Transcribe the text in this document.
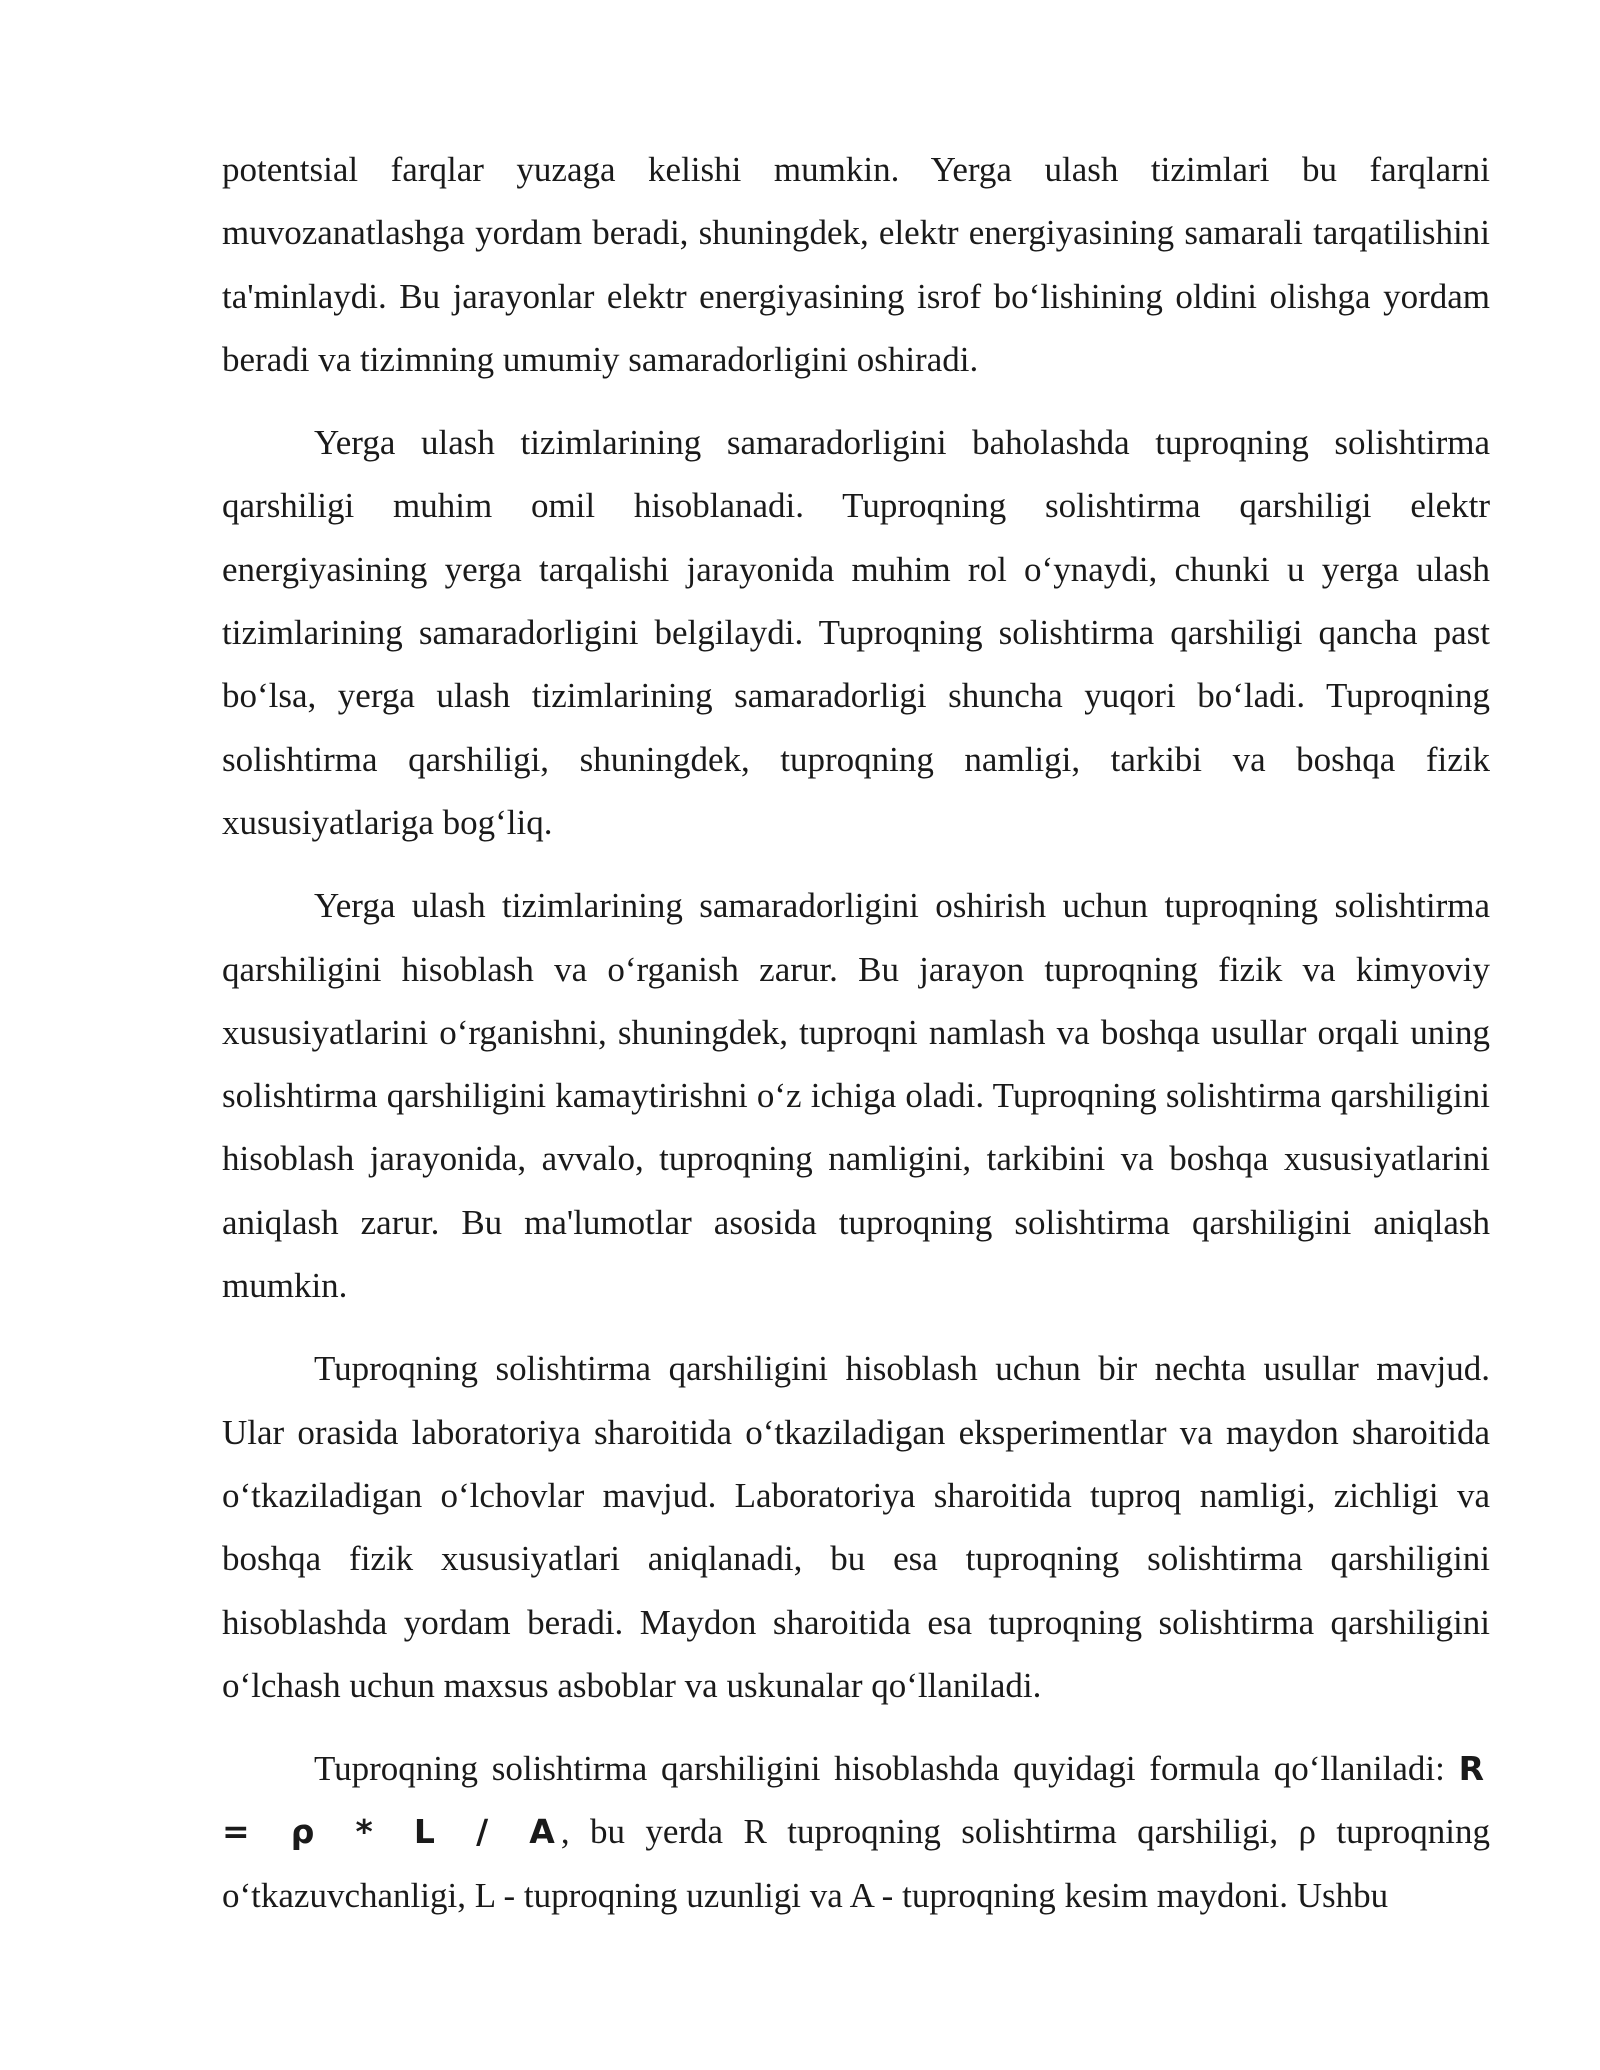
potentsial farqlar yuzaga kelishi mumkin. Yerga ulash tizimlari bu farqlarni muvozanatlashga yordam beradi, shuningdek, elektr energiyasining samarali tarqatilishini ta'minlaydi. Bu jarayonlar elektr energiyasining isrof bo‘lishining oldini olishga yordam beradi va tizimning umumiy samaradorligini oshiradi.

Yerga ulash tizimlarining samaradorligini baholashda tuproqning solishtirma qarshiligi muhim omil hisoblanadi. Tuproqning solishtirma qarshiligi elektr energiyasining yerga tarqalishi jarayonida muhim rol o‘ynaydi, chunki u yerga ulash tizimlarining samaradorligini belgilaydi. Tuproqning solishtirma qarshiligi qancha past bo‘lsa, yerga ulash tizimlarining samaradorligi shuncha yuqori bo‘ladi. Tuproqning solishtirma qarshiligi, shuningdek, tuproqning namligi, tarkibi va boshqa fizik xususiyatlariga bog‘liq.

Yerga ulash tizimlarining samaradorligini oshirish uchun tuproqning solishtirma qarshiligini hisoblash va o‘rganish zarur. Bu jarayon tuproqning fizik va kimyoviy xususiyatlarini o‘rganishni, shuningdek, tuproqni namlash va boshqa usullar orqali uning solishtirma qarshiligini kamaytirishni o‘z ichiga oladi. Tuproqning solishtirma qarshiligini hisoblash jarayonida, avvalo, tuproqning namligini, tarkibini va boshqa xususiyatlarini aniqlash zarur. Bu ma'lumotlar asosida tuproqning solishtirma qarshiligini aniqlash mumkin.

Tuproqning solishtirma qarshiligini hisoblash uchun bir nechta usullar mavjud. Ular orasida laboratoriya sharoitida o‘tkaziladigan eksperimentlar va maydon sharoitida o‘tkaziladigan o‘lchovlar mavjud. Laboratoriya sharoitida tuproq namligi, zichligi va boshqa fizik xususiyatlari aniqlanadi, bu esa tuproqning solishtirma qarshiligini hisoblashda yordam beradi. Maydon sharoitida esa tuproqning solishtirma qarshiligini o‘lchash uchun maxsus asboblar va uskunalar qo‘llaniladi.

Tuproqning solishtirma qarshiligini hisoblashda quyidagi formula qo‘llaniladi: R = ρ * L / A, bu yerda R tuproqning solishtirma qarshiligi, ρ tuproqning o‘tkazuvchanligi, L - tuproqning uzunligi va A - tuproqning kesim maydoni. Ushbu
